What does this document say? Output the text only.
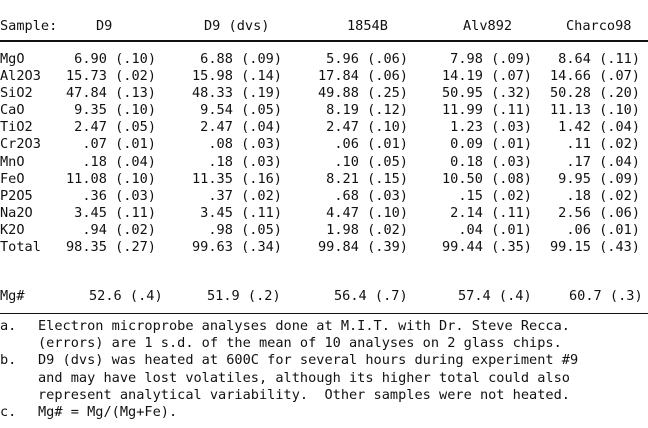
Sample:	D9	D9 (dvs)	1854B	Alv892	Charco98
MgO	6.90 (.10)	6.88 (.09)	5.96 (.06)	7.98 (.09) 8.64 (.11)
Al2O3 15.73 (.02)	15.98 (.14)	17.84 (.06) 14.19 (.07) 14.66 (.07)
SiO2 47.84 (.13)	48.33 (.19)	49.88 (.25) 50.95 (.32) 50.28 (.20)
CaO	9.35 (.10)	9.54 (.05)	8.19 (.12) 11.99 (.11) 11.13 (.10)
TiO2	2.47 (.05)	2.47 (.04)	2.47 (.10)	1.23 (.03) 1.42 (.04)
Cr2O3	.07 (.01)	.08 (.03)	.06 (.01)	0.09 (.01)	.11 (.02)
MnO	.18 (.04)	.18 (.03)	.10 (.05)	0.18 (.03)	.17 (.04)
FeO	11.08 (.10)	11.35 (.16)	8.21 (.15) 10.50 (.08) 9.95 (.09)
P2O5	.36 (.03)	.37 (.02)	.68 (.03)	.15 (.02)	.18 (.02)
Na2O	3.45 (.11)	3.45 (.11)	4.47 (.10)	2.14 (.11) 2.56 (.06)
K2O	.94 (.02)	.98 (.05)	1.98 (.02)	.04 (.01)	.06 (.01)
Total 98.35 (.27)	99.63 (.34)	99.84 (.39) 99.44 (.35) 99.15 (.43)
Mg#	52.6 (.4)	51.9 (.2)	56.4 (.7)	57.4 (.4)	60.7 (.3)
a. Electron microprobe analyses done at M.I.T. with Dr. Steve Recca.
(errors) are 1 s.d. of the mean of 10 analyses on 2 glass chips.
b. D9 (dvs) was heated at 600C for several hours during experiment #9
and may have lost volatiles, although its higher total could also
represent analytical variability.  Other samples were not heated.
c. Mg# = Mg/(Mg+Fe).
